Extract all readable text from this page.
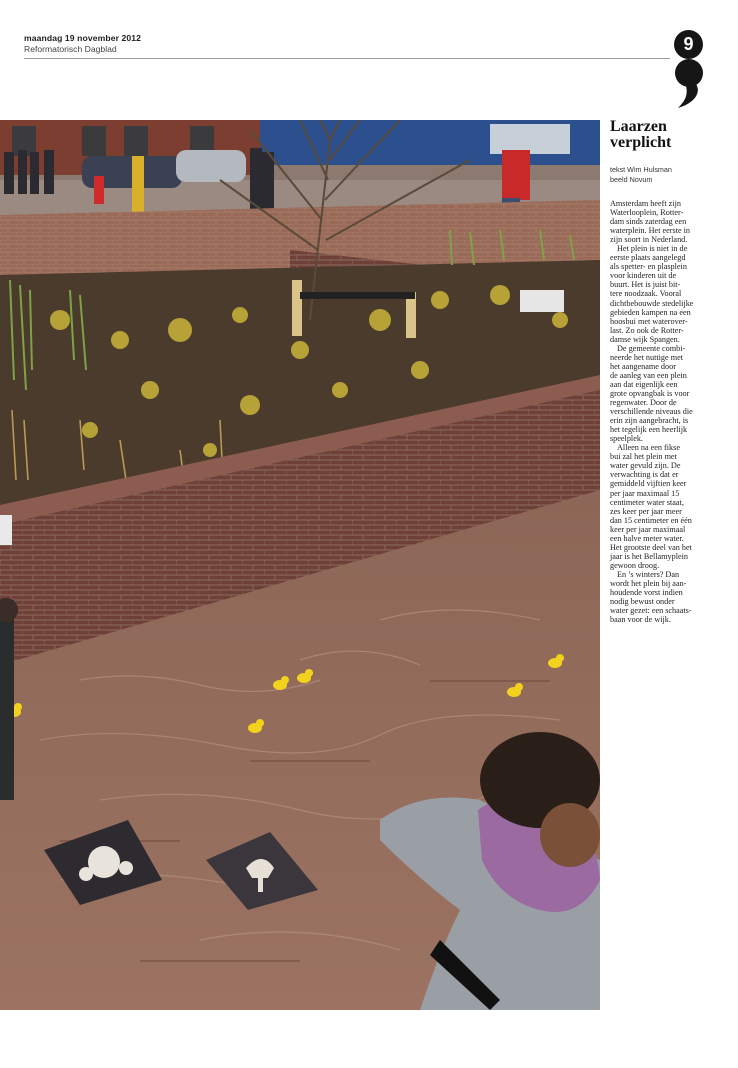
maandag 19 november 2012
Reformatorisch Dagblad	9
Laarzen
verplicht
tekst Wim Hulsman
beeld Novum

Amsterdam heeft zijn
Waterlooplein, Rotter-
dam sinds zaterdag een
waterplein. Het eerste in
zijn soort in Nederland.

Het plein is niet in de
eerste plaats aangelegd
als spetter- en plasplein
voor kinderen uit de
buurt. Het is juist bit-
tere noodzaak. Vooral
dichtbebouwde stedelijke
gebieden kampen na een
hoosbui met waterover-
last. Zo ook de Rotter-
damse wijk Spangen.

De gemeente combi-
neerde het nuttige met
het aangename door
de aanleg van een plein
aan dat eigenlijk een
grote opvangbak is voor
regenwater. Door de
verschillende niveaus die
erin zijn aangebracht, is
het tegelijk een heerlijk
speelplek.

Alleen na een fikse
bui zal het plein met
water gevuld zijn. De
verwachting is dat er
gemiddeld vijftien keer
per jaar maximaal 15
centimeter water staat,
zes keer per jaar meer
dan 15 centimeter en één
keer per jaar maximaal
een halve meter water.
Het grootste deel van het
jaar is het Bellamyplein
gewoon droog.

En ’s winters? Dan
wordt het plein bij aan-
houdende vorst indien
nodig bewust onder
water gezet: een schaats-
baan voor de wijk.
